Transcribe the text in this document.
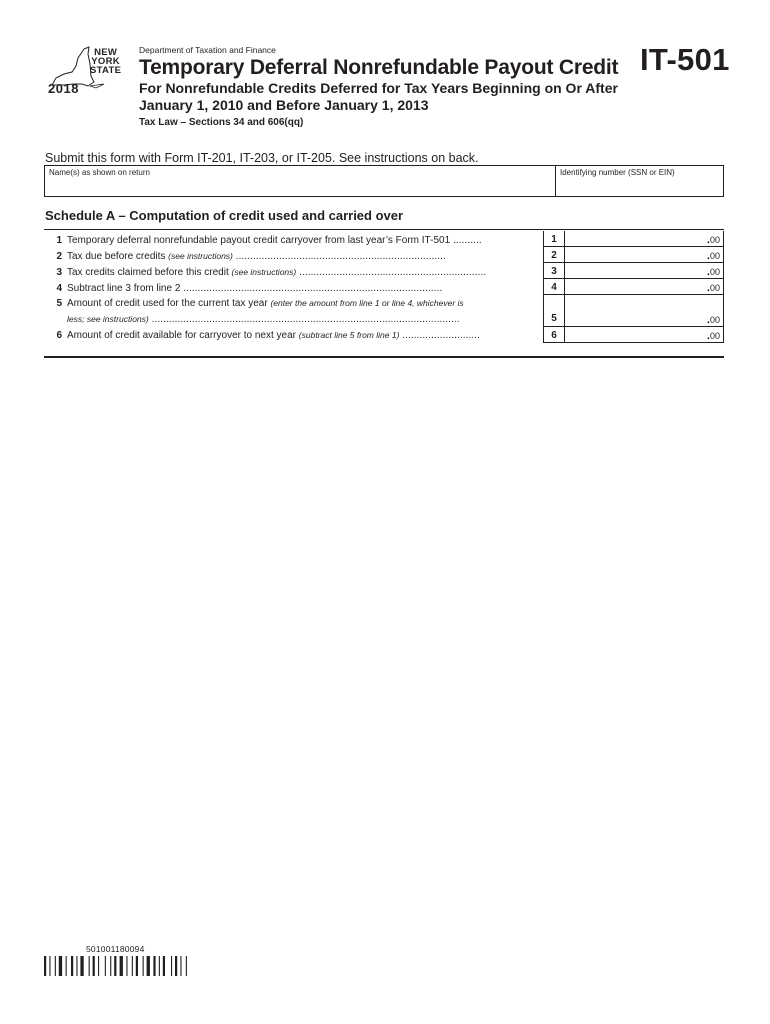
NEW
YORK
STATE
2018
Department of Taxation and Finance
Temporary Deferral Nonrefundable Payout Credit
For Nonrefundable Credits Deferred for Tax Years Beginning on Or After January 1, 2010 and Before January 1, 2013
Tax Law – Sections 34 and 606(qq)
IT-501
Submit this form with Form IT-201, IT-203, or IT-205. See instructions on back.
Name(s) as shown on return	Identifying number (SSN or EIN)
Schedule A – Computation of credit used and carried over
1 Temporary deferral nonrefundable payout credit carryover from last year’s Form IT-501 ..........	1	.00
2 Tax due before credits (see instructions) .........................................................................	2	.00
3 Tax credits claimed before this credit (see instructions) .................................................................	3	.00
4 Subtract line 3 from line 2 ..........................................................................................	4	.00
5 Amount of credit used for the current tax year (enter the amount from line 1 or line 4, whichever is
less; see instructions) ...........................................................................................................	5	.00
6 Amount of credit available for carryover to next year (subtract line 5 from line 1) ...........................	6	.00
501001180094
